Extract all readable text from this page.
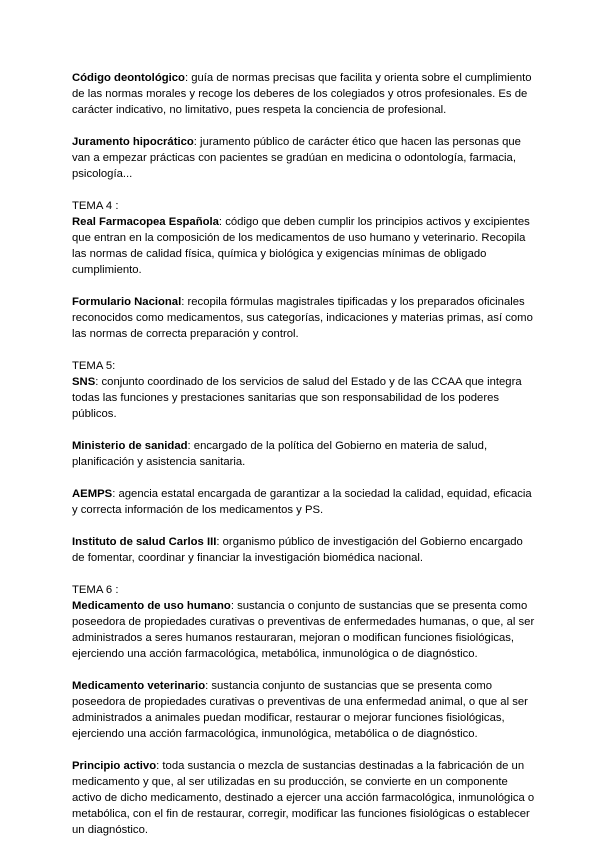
Código deontológico: guía de normas precisas que facilita y orienta sobre el cumplimiento de las normas morales y recoge los deberes de los colegiados y otros profesionales. Es de carácter indicativo, no limitativo, pues respeta la conciencia de profesional.

Juramento hipocrático: juramento público de carácter ético que hacen las personas que van a empezar prácticas con pacientes se gradúan en medicina o odontología, farmacia, psicología...

TEMA 4 :

Real Farmacopea Española: código que deben cumplir los principios activos y excipientes que entran en la composición de los medicamentos de uso humano y veterinario. Recopila las normas de calidad física, química y biológica y exigencias mínimas de obligado cumplimiento.

Formulario Nacional: recopila fórmulas magistrales tipificadas y los preparados oficinales reconocidos como medicamentos, sus categorías, indicaciones y materias primas, así como las normas de correcta preparación y control.

TEMA 5:

SNS: conjunto coordinado de los servicios de salud del Estado y de las CCAA que integra todas las funciones y prestaciones sanitarias que son responsabilidad de los poderes públicos.

Ministerio de sanidad: encargado de la política del Gobierno en materia de salud, planificación y asistencia sanitaria.

AEMPS: agencia estatal encargada de garantizar a la sociedad la calidad, equidad, eficacia y correcta información de los medicamentos y PS.

Instituto de salud Carlos III: organismo público de investigación del Gobierno encargado de fomentar, coordinar y financiar la investigación biomédica nacional.

TEMA 6 :

Medicamento de uso humano: sustancia o conjunto de sustancias que se presenta como poseedora de propiedades curativas o preventivas de enfermedades humanas, o que, al ser administrados a seres humanos restauraran, mejoran o modifican funciones fisiológicas, ejerciendo una acción farmacológica, metabólica, inmunológica o de diagnóstico.

Medicamento veterinario: sustancia conjunto de sustancias que se presenta como poseedora de propiedades curativas o preventivas de una enfermedad animal, o que al ser administrados a animales puedan modificar, restaurar o mejorar funciones fisiológicas, ejerciendo una acción farmacológica, inmunológica, metabólica o de diagnóstico.

Principio activo: toda sustancia o mezcla de sustancias destinadas a la fabricación de un medicamento y que, al ser utilizadas en su producción, se convierte en un componente activo de dicho medicamento, destinado a ejercer una acción farmacológica, inmunológica o metabólica, con el fin de restaurar, corregir, modificar las funciones fisiológicas o establecer un diagnóstico.
